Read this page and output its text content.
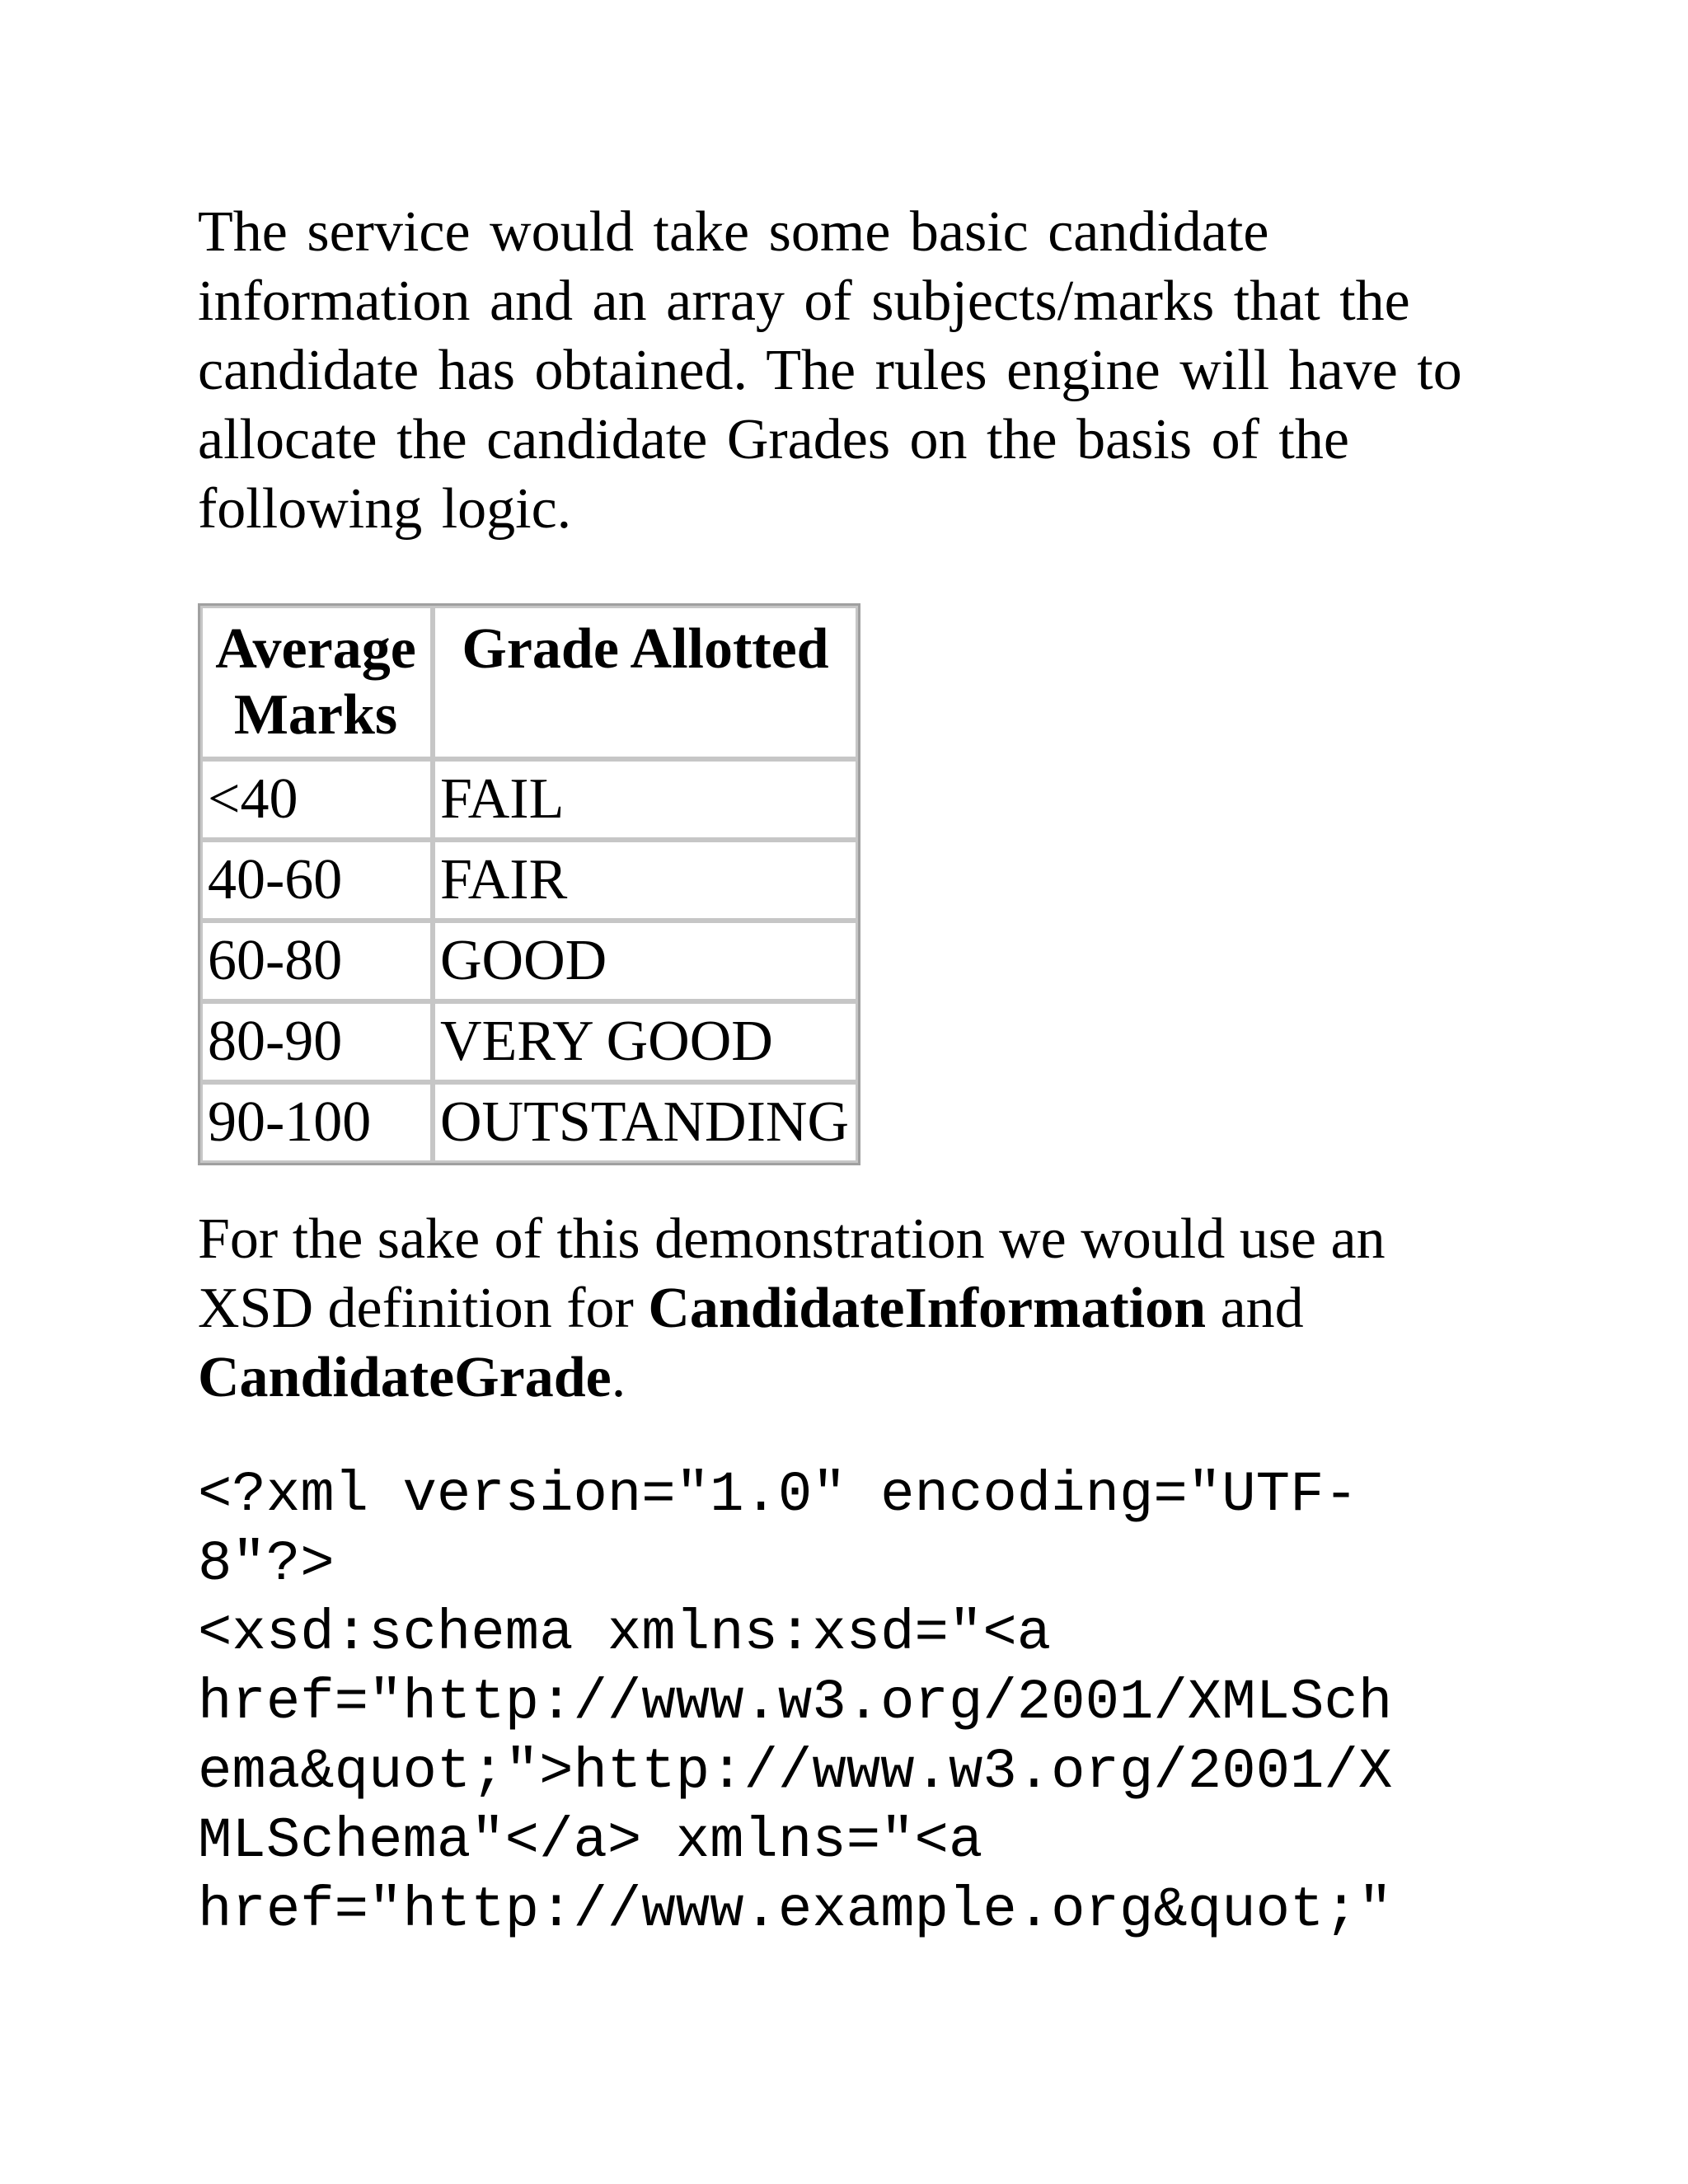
The service would take some basic candidate
information and an array of subjects/marks that the
candidate has obtained. The rules engine will have to
allocate the candidate Grades on the basis of the
following logic.

Average
Marks	Grade Allotted
<40	FAIL
40-60	FAIR
60-80	GOOD
80-90	VERY GOOD
90-100	OUTSTANDING

For the sake of this demonstration we would use an
XSD definition for CandidateInformation and
CandidateGrade.

<?xml version="1.0" encoding="UTF-
8"?>
<xsd:schema xmlns:xsd="<a
href="http://www.w3.org/2001/XMLSch
ema&quot;">http://www.w3.org/2001/X
MLSchema"</a> xmlns="<a
href="http://www.example.org&quot;"
